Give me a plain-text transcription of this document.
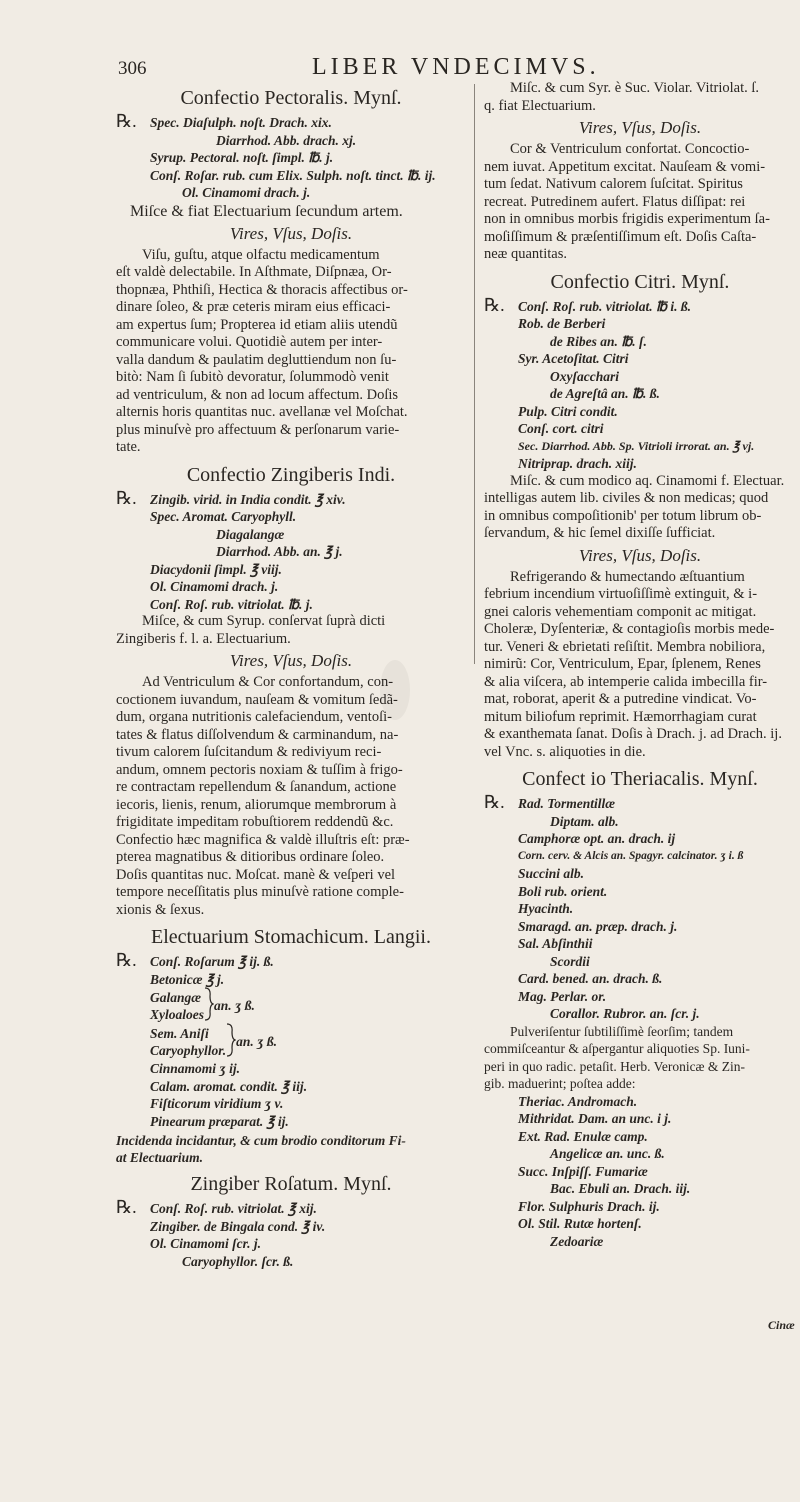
306	LIBER VNDECIMVS.

Confectio Pectoralis. Mynſ.

℞. Spec. Diaſulph. noſt. Drach. xix.

Diarrhod. Abb. drach. xj.

Syrup. Pectoral. noſt. ſimpl. ℔. j.

Conſ. Roſar. rub. cum Elix. Sulph. noſt. tinct. ℔. ij.

Ol. Cinamomi drach. j.

Miſce & fiat Electuarium ſecundum artem.

Vires, Vſus, Doſis.

Viſu, guſtu, atque olfactu medicamentum

eſt valdè delectabile. In Aſthmate, Diſpnæa, Or-

thopnæa, Phthiſi, Hectica & thoracis affectibus or-

dinare ſoleo, & præ ceteris miram eius efficaci-

am expertus ſum; Propterea id etiam aliis utendũ

communicare volui. Quotidiè autem per inter-

valla dandum & paulatim degluttiendum non ſu-

bitò: Nam ſi ſubitò devoratur, ſolummodò venit

ad ventriculum, & non ad locum affectum. Doſis

alternis horis quantitas nuc. avellanæ vel Moſchat.

plus minuſvè pro affectuum & perſonarum varie-

tate.

Confectio Zingiberis Indi.

℞. Zingib. virid. in India condit. ℥ xiv.

Spec. Aromat. Caryophyll.

Diagalangæ

Diarrhod. Abb. an. ℥ j.

Diacydonii ſimpl. ℥ viij.

Ol. Cinamomi drach. j.

Conſ. Roſ. rub. vitriolat. ℔. j.

Miſce, & cum Syrup. conſervat ſuprà dicti

Zingiberis f. l. a. Electuarium.

Vires, Vſus, Doſis.

Ad Ventriculum & Cor confortandum, con-

coctionem iuvandum, nauſeam & vomitum ſedã-

dum, organa nutritionis calefaciendum, ventoſi-

tates & flatus diſſolvendum & carminandum, na-

tivum calorem ſuſcitandum & rediviyum reci-

andum, omnem pectoris noxiam & tuſſim à frigo-

re contractam repellendum & ſanandum, actione

iecoris, lienis, renum, aliorumque membrorum à

frigiditate impeditam robuſtiorem reddendũ &c.

Confectio hæc magnifica & valdè illuſtris eſt: præ-

pterea magnatibus & ditioribus ordinare ſoleo.

Doſis quantitas nuc. Moſcat. manè & veſperi vel

tempore neceſſitatis plus minuſvè ratione comple-

xionis & ſexus.

Electuarium Stomachicum. Langii.

℞. Conſ. Roſarum ℥ ij. ß.

Betonicæ ℥ j.

Galangæ

Xyloaloes

an. ʒ ß.

Sem. Aniſi

Caryophyllor.

an. ʒ ß.

Cinnamomi ʒ ij.

Calam. aromat. condit. ℥ iij.

Fiſticorum viridium ʒ v.

Pinearum præparat. ℥ ij.

Incidenda incidantur, & cum brodio conditorum Fi-

at Electuarium.

Zingiber Roſatum. Mynſ.

℞. Conſ. Roſ. rub. vitriolat. ℥ xij.

Zingiber. de Bingala cond. ℥ iv.

Ol. Cinamomi ſcr. j.

Caryophyllor. ſcr. ß.

Miſc. & cum Syr. è Suc. Violar. Vitriolat. ſ.

q. fiat Electuarium.

Vires, Vſus, Doſis.

Cor & Ventriculum confortat. Concoctio-

nem iuvat. Appetitum excitat. Nauſeam & vomi-

tum ſedat. Nativum calorem ſuſcitat. Spiritus

recreat. Putredinem aufert. Flatus diſſipat: rei

non in omnibus morbis frigidis experimentum ſa-

moſiſſimum & præſentiſſimum eſt. Doſis Caſta-

neæ quantitas.

Confectio Citri. Mynſ.

℞. Conſ. Roſ. rub. vitriolat. ℔ i. ß.

Rob. de Berberi

de Ribes an. ℔. ſ.

Syr. Acetoſitat. Citri

Oxyſacchari

de Agreſtâ an. ℔. ß.

Pulp. Citri condit.

Conſ. cort. citri

Sec. Diarrhod. Abb. Sp. Vitrioli irrorat. an. ℥ vj.

Nitriprap. drach. xiij.

Miſc. & cum modico aq. Cinamomi f. Electuar.

intelligas autem lib. civiles & non medicas; quod

in omnibus compoſitionib' per totum librum ob-

ſervandum, & hic ſemel dixiſſe ſufficiat.

Vires, Vſus, Doſis.

Refrigerando & humectando æſtuantium

febrium incendium virtuoſiſſimè extinguit, & i-

gnei caloris vehementiam componit ac mitigat.

Choleræ, Dyſenteriæ, & contagioſis morbis mede-

tur. Veneri & ebrietati reſiſtit. Membra nobiliora,

nimirũ: Cor, Ventriculum, Epar, ſplenem, Renes

& alia viſcera, ab intemperie calida imbecilla fir-

mat, roborat, aperit & a putredine vindicat. Vo-

mitum biliofum reprimit. Hæmorrhagiam curat

& exanthemata ſanat. Doſis à Drach. j. ad Drach. ij.

vel Vnc. s. aliquoties in die.

Confect io Theriacalis. Mynſ.

℞. Rad. Tormentillæ

Diptam. alb.

Camphoræ opt. an. drach. ij

Corn. cerv. & Alcis an. Spagyr. calcinator. ʒ i. ß

Succini alb.

Boli rub. orient.

Hyacinth.

Smaragd. an. præp. drach. j.

Sal. Abſinthii

Scordii

Card. bened. an. drach. ß.

Mag. Perlar. or.

Corallor. Rubror. an. ſcr. j.

Pulveriſentur ſubtiliſſimè ſeorſim; tandem

commiſceantur & aſpergantur aliquoties Sp. Iuni-

peri in quo radic. petaſit. Herb. Veronicæ & Zin-

gib. maduerint; poſtea adde:

Theriac. Andromach.

Mithridat. Dam. an unc. i j.

Ext. Rad. Enulæ camp.

Angelicæ an. unc. ß.

Succ. Inſpiſſ. Fumariæ

Bac. Ebuli an. Drach. iij.

Flor. Sulphuris Drach. ij.

Ol. Stil. Rutæ hortenſ.

Zedoariæ

Cinæ
